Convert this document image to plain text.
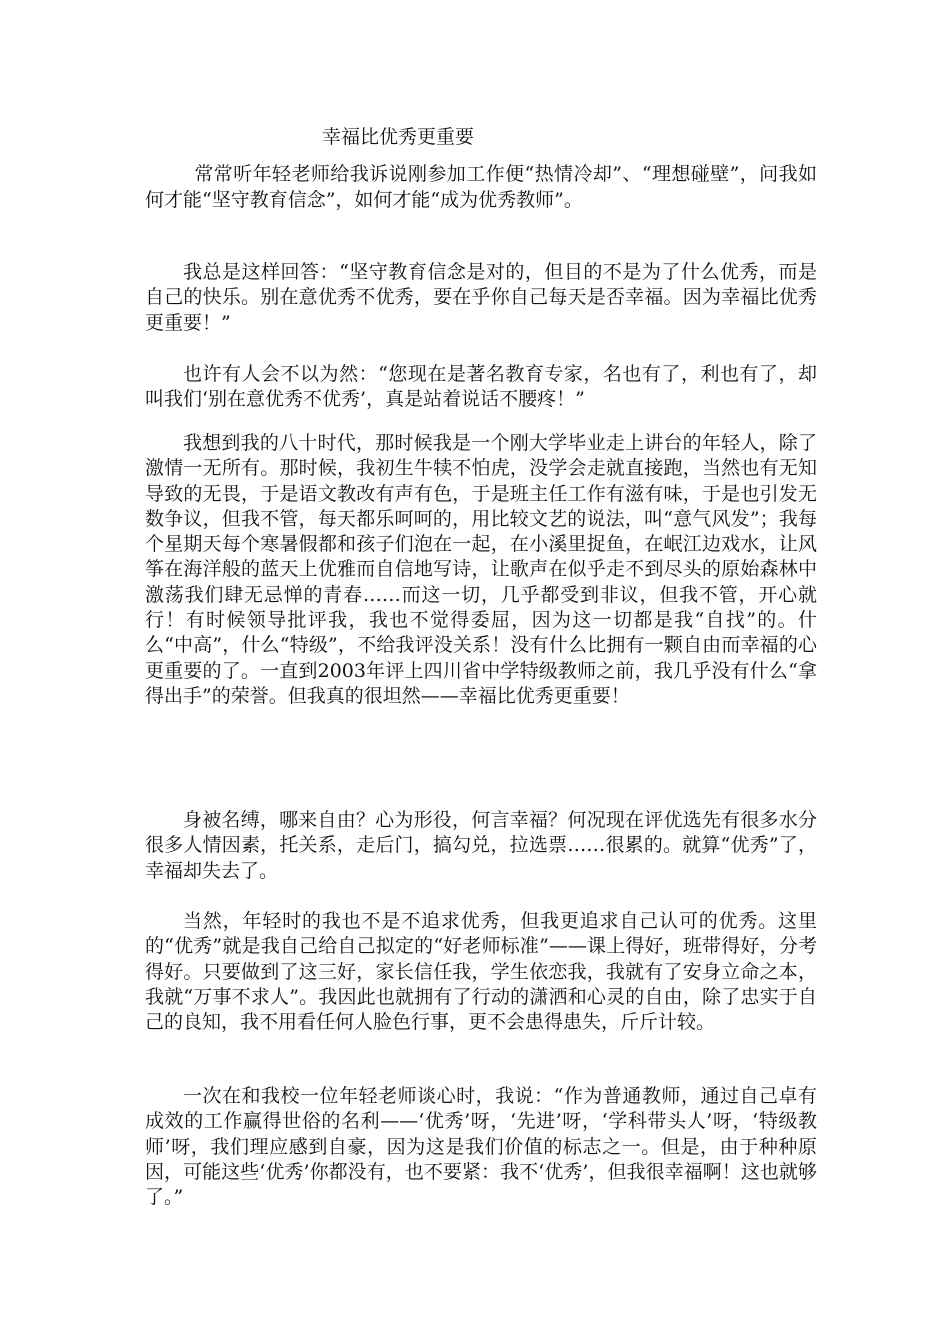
幸福比优秀更重要

常常听年轻老师给我诉说刚参加工作便“热情冷却”、“理想碰壁”，问我如何才能“坚守教育信念”，如何才能“成为优秀教师”。

我总是这样回答：“坚守教育信念是对的，但目的不是为了什么优秀，而是自己的快乐。别在意优秀不优秀，要在乎你自己每天是否幸福。因为幸福比优秀更重要！”

也许有人会不以为然：“您现在是著名教育专家，名也有了，利也有了，却叫我们‘别在意优秀不优秀’，真是站着说话不腰疼！”

我想到我的八十时代，那时候我是一个刚大学毕业走上讲台的年轻人，除了激情一无所有。那时候，我初生牛犊不怕虎，没学会走就直接跑，当然也有无知导致的无畏，于是语文教改有声有色，于是班主任工作有滋有味，于是也引发无数争议，但我不管，每天都乐呵呵的，用比较文艺的说法，叫“意气风发”；我每个星期天每个寒暑假都和孩子们泡在一起，在小溪里捉鱼，在岷江边戏水，让风筝在海洋般的蓝天上优雅而自信地写诗，让歌声在似乎走不到尽头的原始森林中激荡我们肆无忌惮的青春……而这一切，几乎都受到非议，但我不管，开心就行！有时候领导批评我，我也不觉得委屈，因为这一切都是我“自找”的。什么“中高”，什么“特级”，不给我评没关系！没有什么比拥有一颗自由而幸福的心更重要的了。一直到2003年评上四川省中学特级教师之前，我几乎没有什么“拿得出手”的荣誉。但我真的很坦然——幸福比优秀更重要！

身被名缚，哪来自由？心为形役，何言幸福？何况现在评优选先有很多水分很多人情因素，托关系，走后门，搞勾兑，拉选票……很累的。就算“优秀”了，幸福却失去了。

当然，年轻时的我也不是不追求优秀，但我更追求自己认可的优秀。这里的“优秀”就是我自己给自己拟定的“好老师标准”——课上得好，班带得好，分考得好。只要做到了这三好，家长信任我，学生依恋我，我就有了安身立命之本，我就“万事不求人”。我因此也就拥有了行动的潇洒和心灵的自由，除了忠实于自己的良知，我不用看任何人脸色行事，更不会患得患失，斤斤计较。

一次在和我校一位年轻老师谈心时，我说：“作为普通教师，通过自己卓有成效的工作赢得世俗的名利——‘优秀’呀，‘先进’呀，‘学科带头人’呀，‘特级教师’呀，我们理应感到自豪，因为这是我们价值的标志之一。但是，由于种种原因，可能这些‘优秀’你都没有，也不要紧：我不‘优秀’，但我很幸福啊！这也就够了。”
